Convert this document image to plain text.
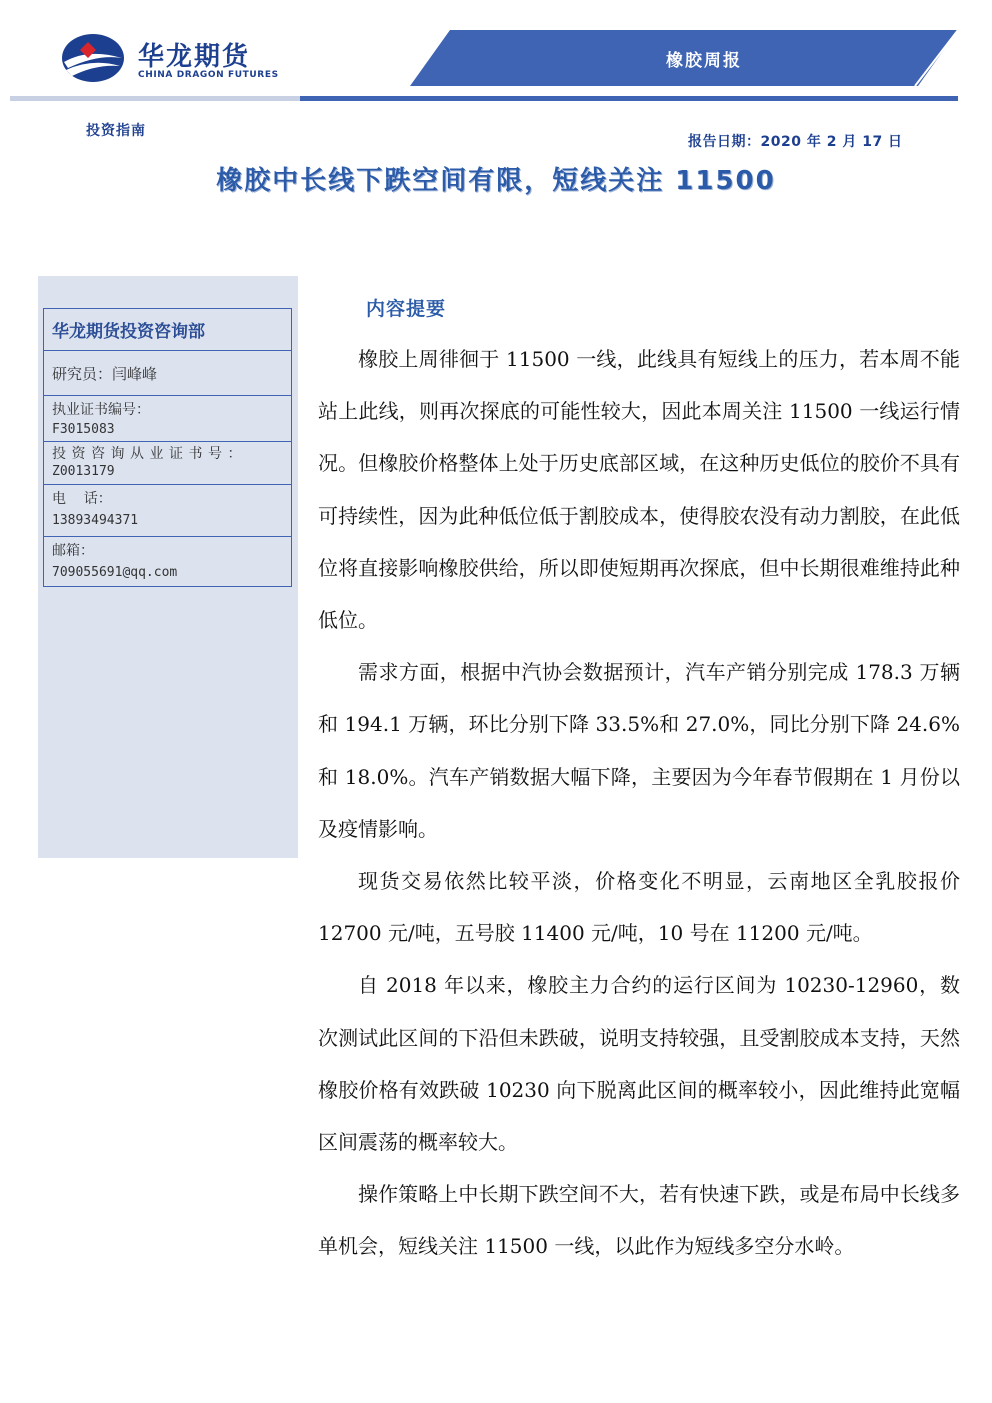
华龙期货
CHINA DRAGON FUTURES
橡胶周报
投资指南
报告日期：2020 年 2 月 17 日
橡胶中长线下跌空间有限，短线关注 11500
华龙期货投资咨询部
研究员：闫峰峰
执业证书编号：
F3015083
投资咨询从业证书号：
Z0013179
电    话：
13893494371
邮箱：
709055691@qq.com
内容提要

橡胶上周徘徊于 11500 一线，此线具有短线上的压力，若本周不能站上此线，则再次探底的可能性较大，因此本周关注 11500 一线运行情况。但橡胶价格整体上处于历史底部区域，在这种历史低位的胶价不具有可持续性，因为此种低位低于割胶成本，使得胶农没有动力割胶，在此低位将直接影响橡胶供给，所以即使短期再次探底，但中长期很难维持此种低位。

需求方面，根据中汽协会数据预计，汽车产销分别完成 178.3 万辆和 194.1 万辆，环比分别下降 33.5%和 27.0%，同比分别下降 24.6%和 18.0%。汽车产销数据大幅下降，主要因为今年春节假期在 1 月份以及疫情影响。

现货交易依然比较平淡，价格变化不明显，云南地区全乳胶报价 12700 元/吨，五号胶 11400 元/吨，10 号在 11200 元/吨。

自 2018 年以来，橡胶主力合约的运行区间为 10230-12960，数次测试此区间的下沿但未跌破，说明支持较强，且受割胶成本支持，天然橡胶价格有效跌破 10230 向下脱离此区间的概率较小，因此维持此宽幅区间震荡的概率较大。

操作策略上中长期下跌空间不大，若有快速下跌，或是布局中长线多单机会，短线关注 11500 一线，以此作为短线多空分水岭。
